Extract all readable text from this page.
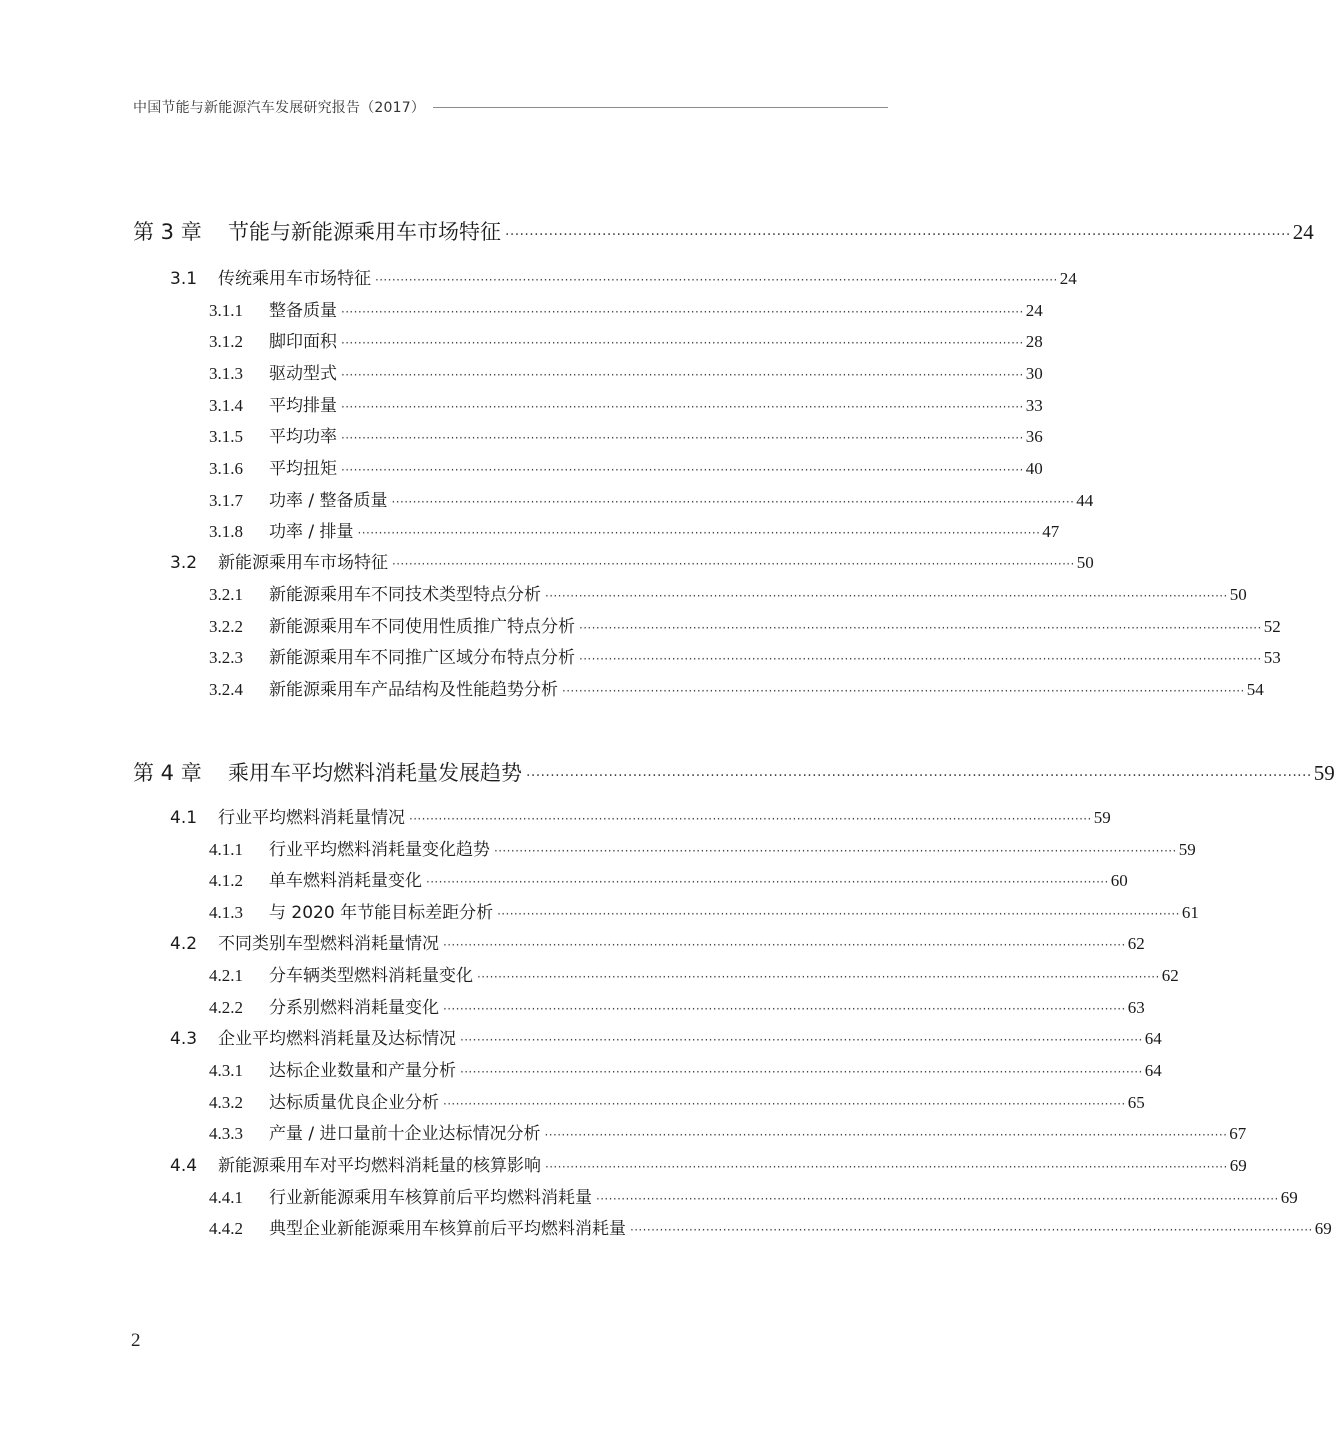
中国节能与新能源汽车发展研究报告（2017）
第 3 章	节能与新能源乘用车市场特征 ·································································································································································· 24
3.1	传统乘用车市场特征 ·································································································································································· 24
3.1.1	整备质量 ·································································································································································· 24
3.1.2	脚印面积 ·································································································································································· 28
3.1.3	驱动型式 ·································································································································································· 30
3.1.4	平均排量 ·································································································································································· 33
3.1.5	平均功率 ·································································································································································· 36
3.1.6	平均扭矩 ·································································································································································· 40
3.1.7	功率 / 整备质量 ·································································································································································· 44
3.1.8	功率 / 排量 ·································································································································································· 47
3.2	新能源乘用车市场特征 ·································································································································································· 50
3.2.1	新能源乘用车不同技术类型特点分析 ·································································································································································· 50
3.2.2	新能源乘用车不同使用性质推广特点分析 ·································································································································································· 52
3.2.3	新能源乘用车不同推广区域分布特点分析 ·································································································································································· 53
3.2.4	新能源乘用车产品结构及性能趋势分析 ·································································································································································· 54
第 4 章	乘用车平均燃料消耗量发展趋势 ·································································································································································· 59
4.1	行业平均燃料消耗量情况 ·································································································································································· 59
4.1.1	行业平均燃料消耗量变化趋势 ·································································································································································· 59
4.1.2	单车燃料消耗量变化 ·································································································································································· 60
4.1.3	与 2020 年节能目标差距分析 ·································································································································································· 61
4.2	不同类别车型燃料消耗量情况 ·································································································································································· 62
4.2.1	分车辆类型燃料消耗量变化 ·································································································································································· 62
4.2.2	分系别燃料消耗量变化 ·································································································································································· 63
4.3	企业平均燃料消耗量及达标情况 ·································································································································································· 64
4.3.1	达标企业数量和产量分析 ·································································································································································· 64
4.3.2	达标质量优良企业分析 ·································································································································································· 65
4.3.3	产量 / 进口量前十企业达标情况分析 ·································································································································································· 67
4.4	新能源乘用车对平均燃料消耗量的核算影响 ·································································································································································· 69
4.4.1	行业新能源乘用车核算前后平均燃料消耗量 ·································································································································································· 69
4.4.2	典型企业新能源乘用车核算前后平均燃料消耗量 ·································································································································································· 69
2
